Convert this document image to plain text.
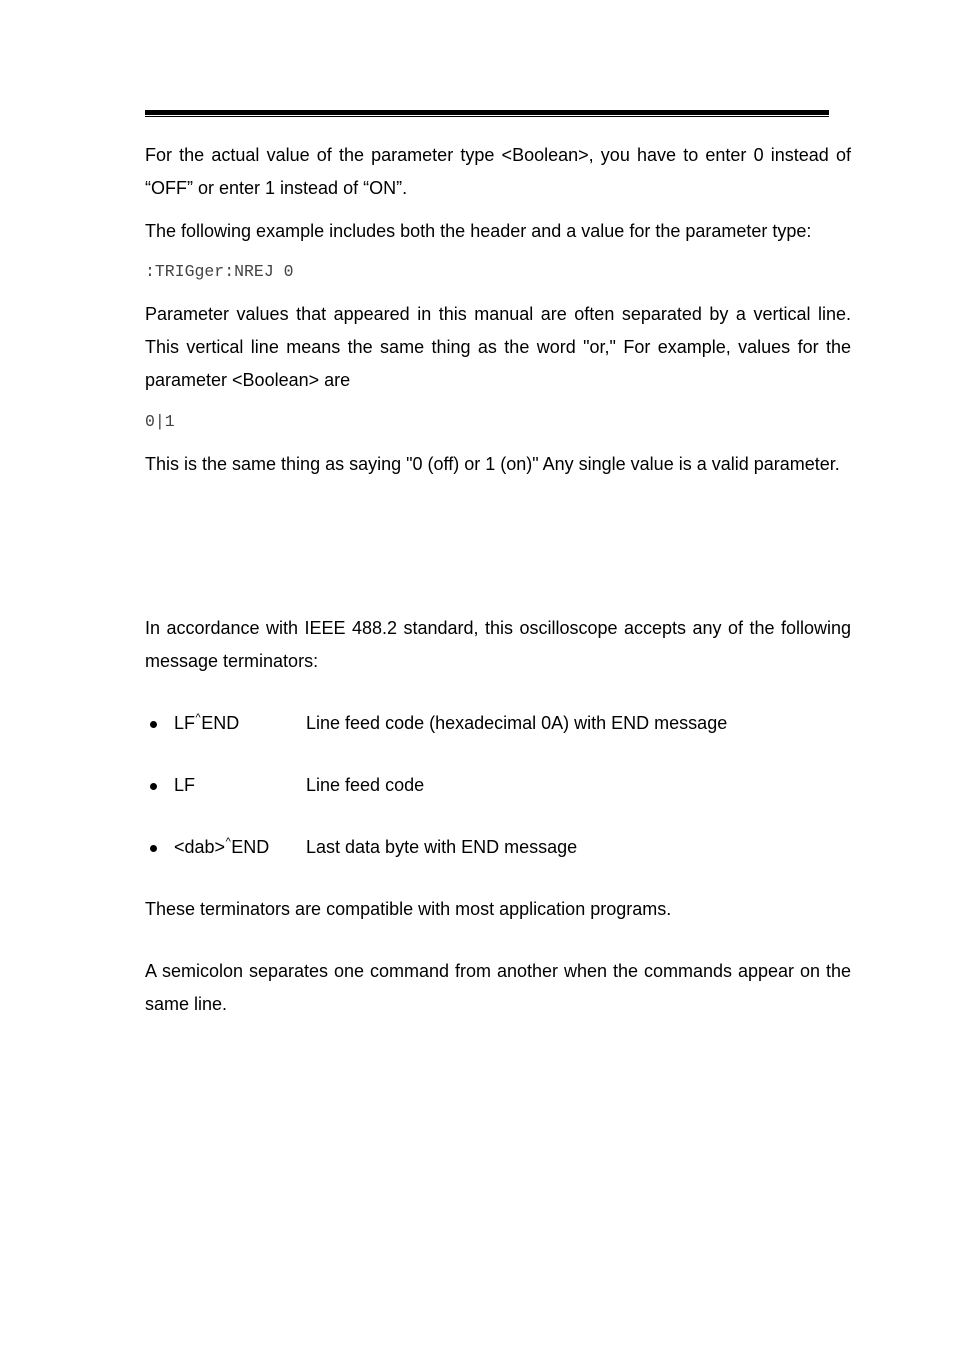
For the actual value of the parameter type <Boolean>, you have to enter 0 instead of “OFF” or enter 1 instead of “ON”.

The following example includes both the header and a value for the parameter type:

:TRIGger:NREJ 0

Parameter values that appeared in this manual are often separated by a vertical line. This vertical line means the same thing as the word "or," For example, values for the parameter <Boolean> are

0|1

This is the same thing as saying "0 (off) or 1 (on)" Any single value is a valid parameter.

In accordance with IEEE 488.2 standard, this oscilloscope accepts any of the following message terminators:

LF^END	Line feed code (hexadecimal 0A) with END message
LF	Line feed code
<dab>^END Last data byte with END message

These terminators are compatible with most application programs.

A semicolon separates one command from another when the commands appear on the same line.
